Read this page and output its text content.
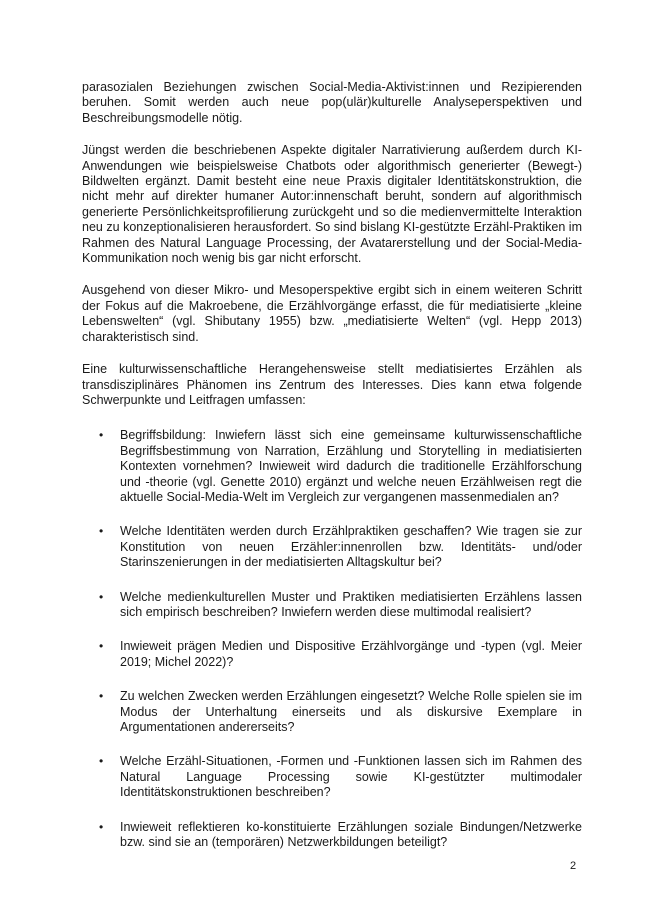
parasozialen Beziehungen zwischen Social-Media-Aktivist:innen und Rezipierenden beruhen. Somit werden auch neue pop(ulär)kulturelle Analyseperspektiven und Beschreibungsmodelle nötig.

Jüngst werden die beschriebenen Aspekte digitaler Narrativierung außerdem durch KI-Anwendungen wie beispielsweise Chatbots oder algorithmisch generierter (Bewegt-) Bildwelten ergänzt. Damit besteht eine neue Praxis digitaler Identitätskonstruktion, die nicht mehr auf direkter humaner Autor:innenschaft beruht, sondern auf algorithmisch generierte Persönlichkeitsprofilierung zurückgeht und so die medienvermittelte Interaktion neu zu konzeptionalisieren herausfordert. So sind bislang KI-gestützte Erzähl-Praktiken im Rahmen des Natural Language Processing, der Avatarerstellung und der Social-Media-Kommunikation noch wenig bis gar nicht erforscht.

Ausgehend von dieser Mikro- und Mesoperspektive ergibt sich in einem weiteren Schritt der Fokus auf die Makroebene, die Erzählvorgänge erfasst, die für mediatisierte „kleine Lebenswelten“ (vgl. Shibutany 1955) bzw. „mediatisierte Welten“ (vgl. Hepp 2013) charakteristisch sind.

Eine kulturwissenschaftliche Herangehensweise stellt mediatisiertes Erzählen als transdisziplinäres Phänomen ins Zentrum des Interesses. Dies kann etwa folgende Schwerpunkte und Leitfragen umfassen:

• Begriffsbildung: Inwiefern lässt sich eine gemeinsame kulturwissenschaftliche Begriffsbestimmung von Narration, Erzählung und Storytelling in mediatisierten Kontexten vornehmen? Inwieweit wird dadurch die traditionelle Erzählforschung und -theorie (vgl. Genette 2010) ergänzt und welche neuen Erzählweisen regt die aktuelle Social-Media-Welt im Vergleich zur vergangenen massenmedialen an?
• Welche Identitäten werden durch Erzählpraktiken geschaffen? Wie tragen sie zur Konstitution von neuen Erzähler:innenrollen bzw. Identitäts- und/oder Starinszenierungen in der mediatisierten Alltagskultur bei?
• Welche medienkulturellen Muster und Praktiken mediatisierten Erzählens lassen sich empirisch beschreiben? Inwiefern werden diese multimodal realisiert?
• Inwieweit prägen Medien und Dispositive Erzählvorgänge und -typen (vgl. Meier 2019; Michel 2022)?
• Zu welchen Zwecken werden Erzählungen eingesetzt? Welche Rolle spielen sie im Modus der Unterhaltung einerseits und als diskursive Exemplare in Argumentationen andererseits?
• Welche Erzähl-Situationen, -Formen und -Funktionen lassen sich im Rahmen des Natural Language Processing sowie KI-gestützter multimodaler Identitätskonstruktionen beschreiben?
• Inwieweit reflektieren ko-konstituierte Erzählungen soziale Bindungen/Netzwerke bzw. sind sie an (temporären) Netzwerkbildungen beteiligt?
2
